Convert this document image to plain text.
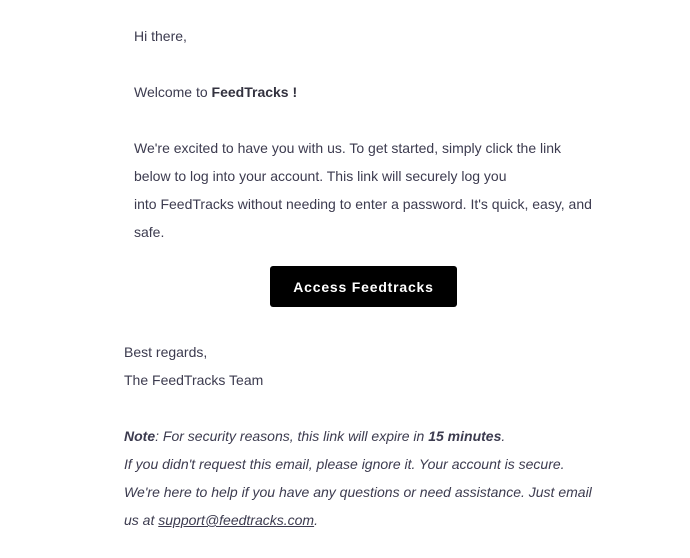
Hi there,
Welcome to FeedTracks !
We're excited to have you with us. To get started, simply click the link
below to log into your account. This link will securely log you
into FeedTracks without needing to enter a password. It's quick, easy, and
safe.
Access Feedtracks
Best regards,
The FeedTracks Team
Note: For security reasons, this link will expire in 15 minutes.
If you didn't request this email, please ignore it. Your account is secure.
We're here to help if you have any questions or need assistance. Just email
us at support@feedtracks.com.
